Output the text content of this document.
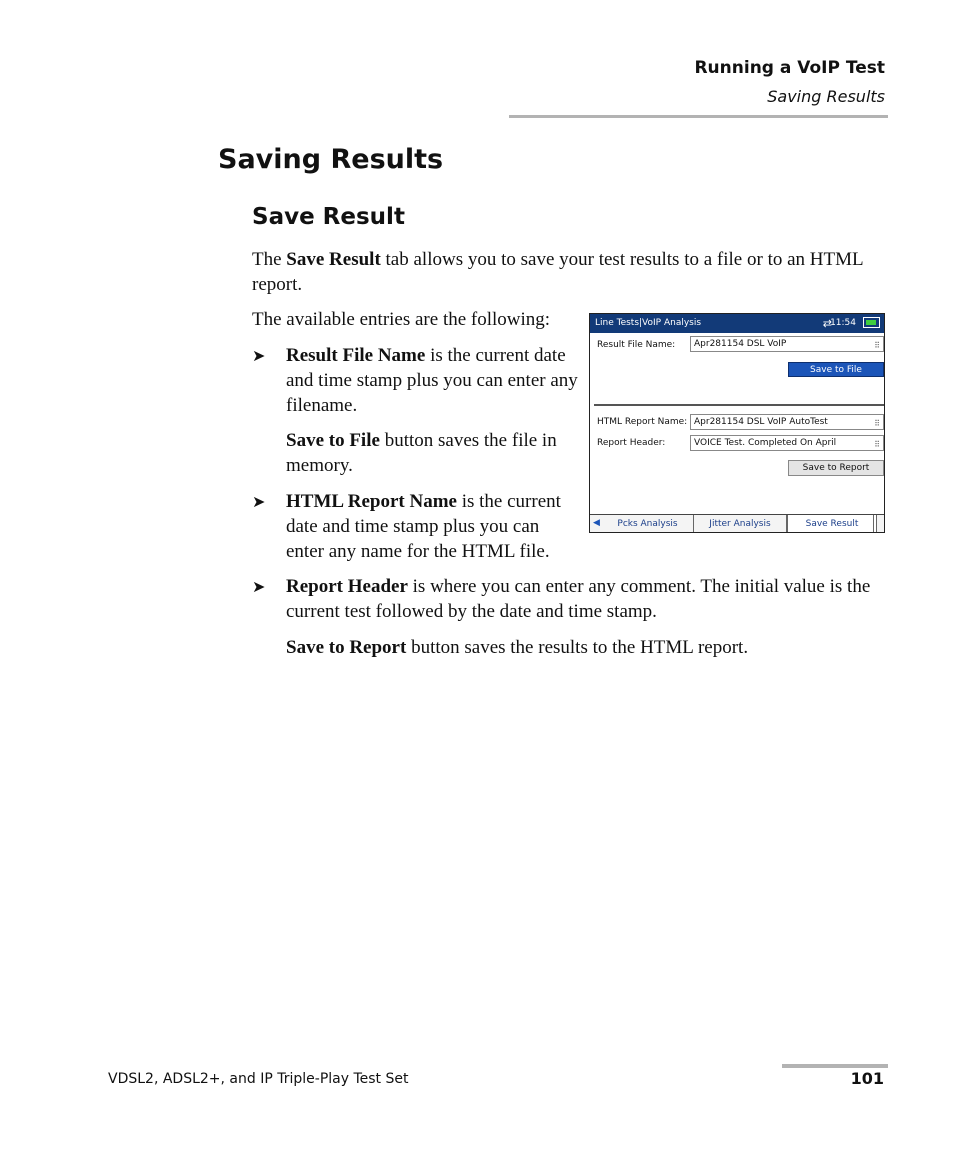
Running a VoIP Test
Saving Results
Saving Results
Save Result

The Save Result tab allows you to save your test results to a file or to an HTML report.

The available entries are the following:

➤ Result File Name is the current date and time stamp plus you can enter any filename.

Save to File button saves the file in memory.

➤ HTML Report Name is the current date and time stamp plus you can enter any name for the HTML file.

➤ Report Header is where you can enter any comment. The initial value is the current test followed by the date and time stamp.

Save to Report button saves the results to the HTML report.

Line Tests|VoIP Analysis	⇄
11:54
Result File Name:	Apr281154 DSL VoIP	⠿
Save to File
HTML Report Name: Apr281154 DSL VoIP AutoTest	⠿
Report Header:	VOICE Test. Completed On April	⠿
Save to Report
◀	Pcks Analysis	Jitter Analysis	Save Result
VDSL2, ADSL2+, and IP Triple-Play Test Set	101
